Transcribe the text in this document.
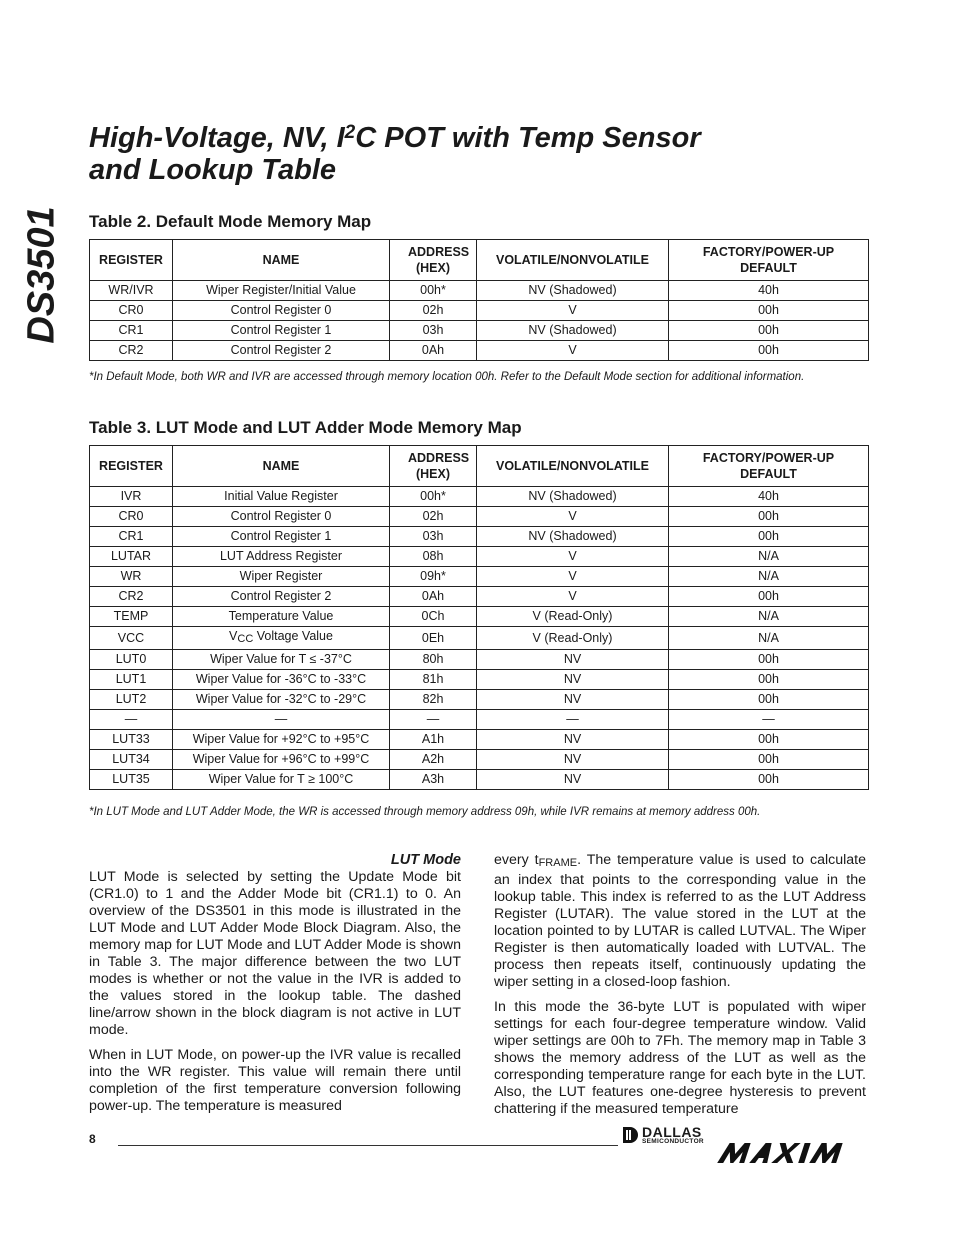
DS3501
High-Voltage, NV, $I^2C$ POT with Temp Sensor
and Lookup Table
Table 2. Default Mode Memory Map
REGISTER	NAME	ADDRESS (HEX)	VOLATILE/NONVOLATILE	FACTORY/POWER-UP DEFAULT
WR/IVR	Wiper Register/Initial Value	00h*	NV (Shadowed)	40h
CR0	Control Register 0	02h	V	00h
CR1	Control Register 1	03h	NV (Shadowed)	00h
CR2	Control Register 2	0Ah	V	00h
*In Default Mode, both WR and IVR are accessed through memory location 00h. Refer to the Default Mode section for additional information.
Table 3. LUT Mode and LUT Adder Mode Memory Map
REGISTER	NAME	ADDRESS (HEX)	VOLATILE/NONVOLATILE	FACTORY/POWER-UP DEFAULT
IVR	Initial Value Register	00h*	NV (Shadowed)	40h
CR0	Control Register 0	02h	V	00h
CR1	Control Register 1	03h	NV (Shadowed)	00h
LUTAR	LUT Address Register	08h	V	N/A
WR	Wiper Register	09h*	V	N/A
CR2	Control Register 2	0Ah	V	00h
TEMP	Temperature Value	0Ch	V (Read-Only)	N/A
VCC	VCC Voltage Value	0Eh	V (Read-Only)	N/A
LUT0	Wiper Value for T ≤ -37°C	80h	NV	00h
LUT1	Wiper Value for -36°C to -33°C	81h	NV	00h
LUT2	Wiper Value for -32°C to -29°C	82h	NV	00h
—	—	—	—	—
LUT33	Wiper Value for +92°C to +95°C	A1h	NV	00h
LUT34	Wiper Value for +96°C to +99°C	A2h	NV	00h
LUT35	Wiper Value for T ≥ 100°C	A3h	NV	00h
*In LUT Mode and LUT Adder Mode, the WR is accessed through memory address 09h, while IVR remains at memory address 00h.

LUT Mode

LUT Mode is selected by setting the Update Mode bit (CR1.0) to 1 and the Adder Mode bit (CR1.1) to 0. An overview of the DS3501 in this mode is illustrated in the LUT Mode and LUT Adder Mode Block Diagram. Also, the memory map for LUT Mode and LUT Adder Mode is shown in Table 3. The major difference between the two LUT modes is whether or not the value in the IVR is added to the values stored in the lookup table. The dashed line/arrow shown in the block diagram is not active in LUT mode.

When in LUT Mode, on power-up the IVR value is recalled into the WR register. This value will remain there until completion of the first temperature conversion following power-up. The temperature is measured

every tFRAME. The temperature value is used to calculate an index that points to the corresponding value in the lookup table. This index is referred to as the LUT Address Register (LUTAR). The value stored in the LUT at the location pointed to by LUTAR is called LUTVAL. The Wiper Register is then automatically loaded with LUTVAL. The process then repeats itself, continuously updating the wiper setting in a closed-loop fashion.

In this mode the 36-byte LUT is populated with wiper settings for each four-degree temperature window. Valid wiper settings are 00h to 7Fh. The memory map in Table 3 shows the memory address of the LUT as well as the corresponding temperature range for each byte in the LUT. Also, the LUT features one-degree hysteresis to prevent chattering if the measured temperature

8	DALLAS
SEMICONDUCTOR
